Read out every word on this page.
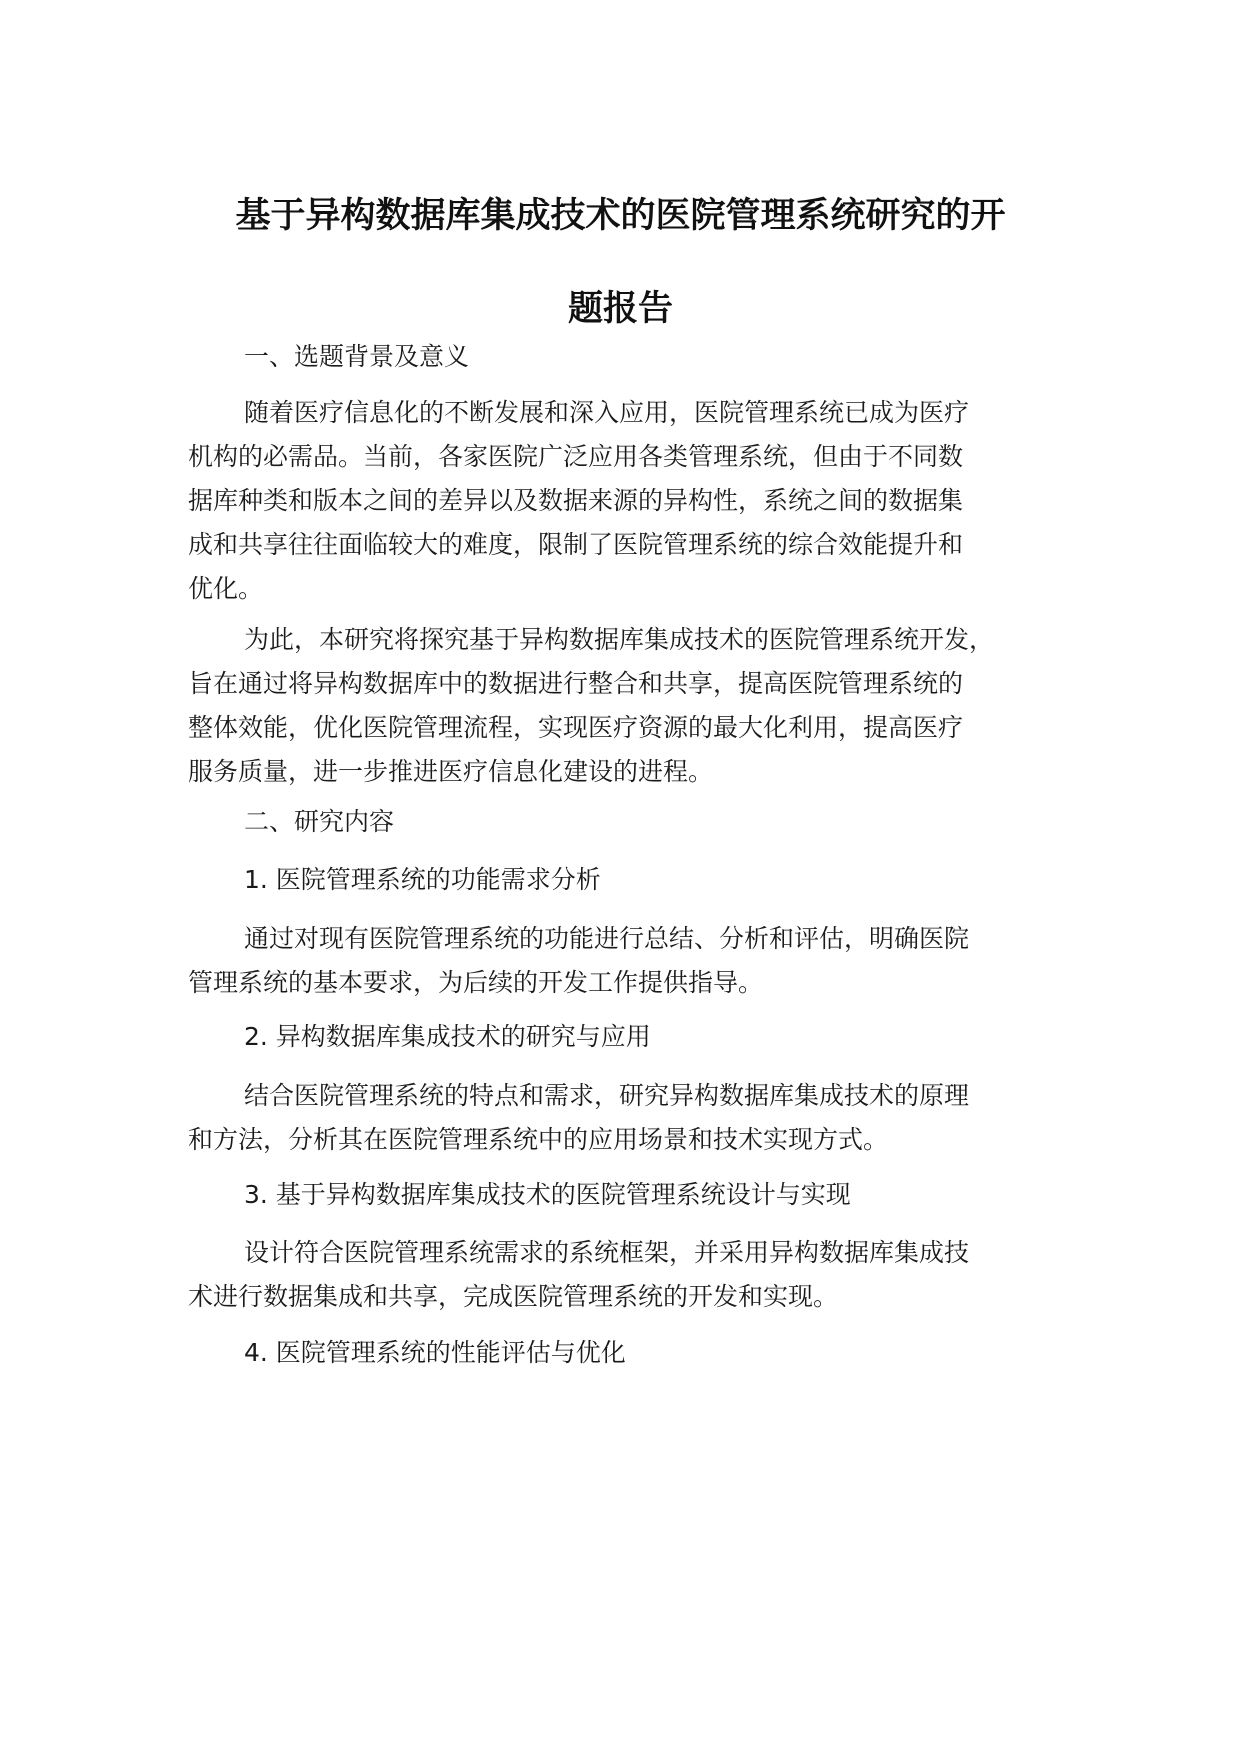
基于异构数据库集成技术的医院管理系统研究的开
题报告
一、选题背景及意义
随着医疗信息化的不断发展和深入应用，医院管理系统已成为医疗
机构的必需品。当前，各家医院广泛应用各类管理系统，但由于不同数
据库种类和版本之间的差异以及数据来源的异构性，系统之间的数据集
成和共享往往面临较大的难度，限制了医院管理系统的综合效能提升和
优化。
为此，本研究将探究基于异构数据库集成技术的医院管理系统开发，
旨在通过将异构数据库中的数据进行整合和共享，提高医院管理系统的
整体效能，优化医院管理流程，实现医疗资源的最大化利用，提高医疗
服务质量，进一步推进医疗信息化建设的进程。
二、研究内容
1. 医院管理系统的功能需求分析
通过对现有医院管理系统的功能进行总结、分析和评估，明确医院
管理系统的基本要求，为后续的开发工作提供指导。
2. 异构数据库集成技术的研究与应用
结合医院管理系统的特点和需求，研究异构数据库集成技术的原理
和方法，分析其在医院管理系统中的应用场景和技术实现方式。
3. 基于异构数据库集成技术的医院管理系统设计与实现
设计符合医院管理系统需求的系统框架，并采用异构数据库集成技
术进行数据集成和共享，完成医院管理系统的开发和实现。
4. 医院管理系统的性能评估与优化
